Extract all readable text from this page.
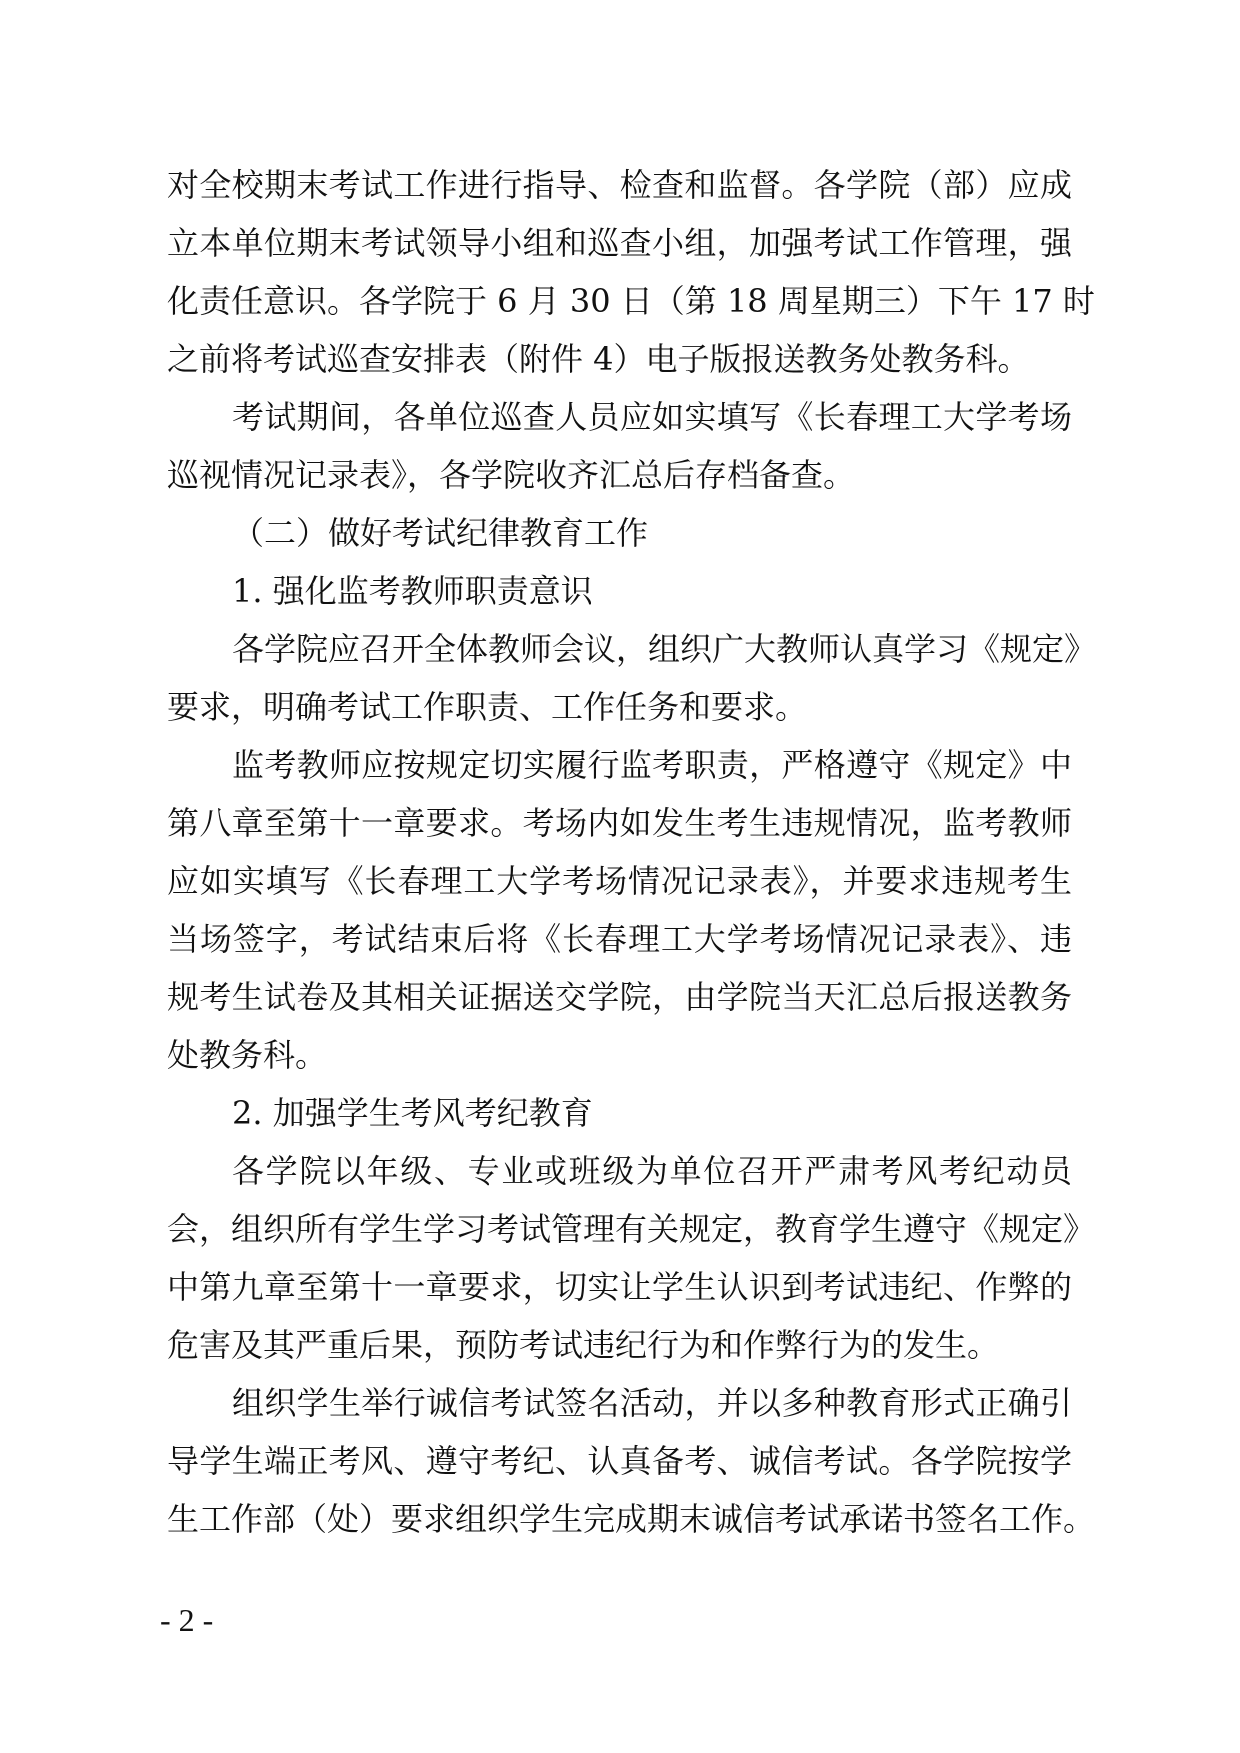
对全校期末考试工作进行指导、检查和监督。各学院（部）应成
立本单位期末考试领导小组和巡查小组，加强考试工作管理，强
化责任意识。各学院于 6 月 30 日（第 18 周星期三）下午 17 时
之前将考试巡查安排表（附件 4）电子版报送教务处教务科。
考试期间，各单位巡查人员应如实填写《长春理工大学考场
巡视情况记录表》，各学院收齐汇总后存档备查。
（二）做好考试纪律教育工作
1. 强化监考教师职责意识
各学院应召开全体教师会议，组织广大教师认真学习《规定》
要求，明确考试工作职责、工作任务和要求。
监考教师应按规定切实履行监考职责，严格遵守《规定》中
第八章至第十一章要求。考场内如发生考生违规情况，监考教师
应如实填写《长春理工大学考场情况记录表》，并要求违规考生
当场签字，考试结束后将《长春理工大学考场情况记录表》、违
规考生试卷及其相关证据送交学院，由学院当天汇总后报送教务
处教务科。
2. 加强学生考风考纪教育
各学院以年级、专业或班级为单位召开严肃考风考纪动员
会，组织所有学生学习考试管理有关规定，教育学生遵守《规定》
中第九章至第十一章要求，切实让学生认识到考试违纪、作弊的
危害及其严重后果，预防考试违纪行为和作弊行为的发生。
组织学生举行诚信考试签名活动，并以多种教育形式正确引
导学生端正考风、遵守考纪、认真备考、诚信考试。各学院按学
生工作部（处）要求组织学生完成期末诚信考试承诺书签名工作。
- 2 -
